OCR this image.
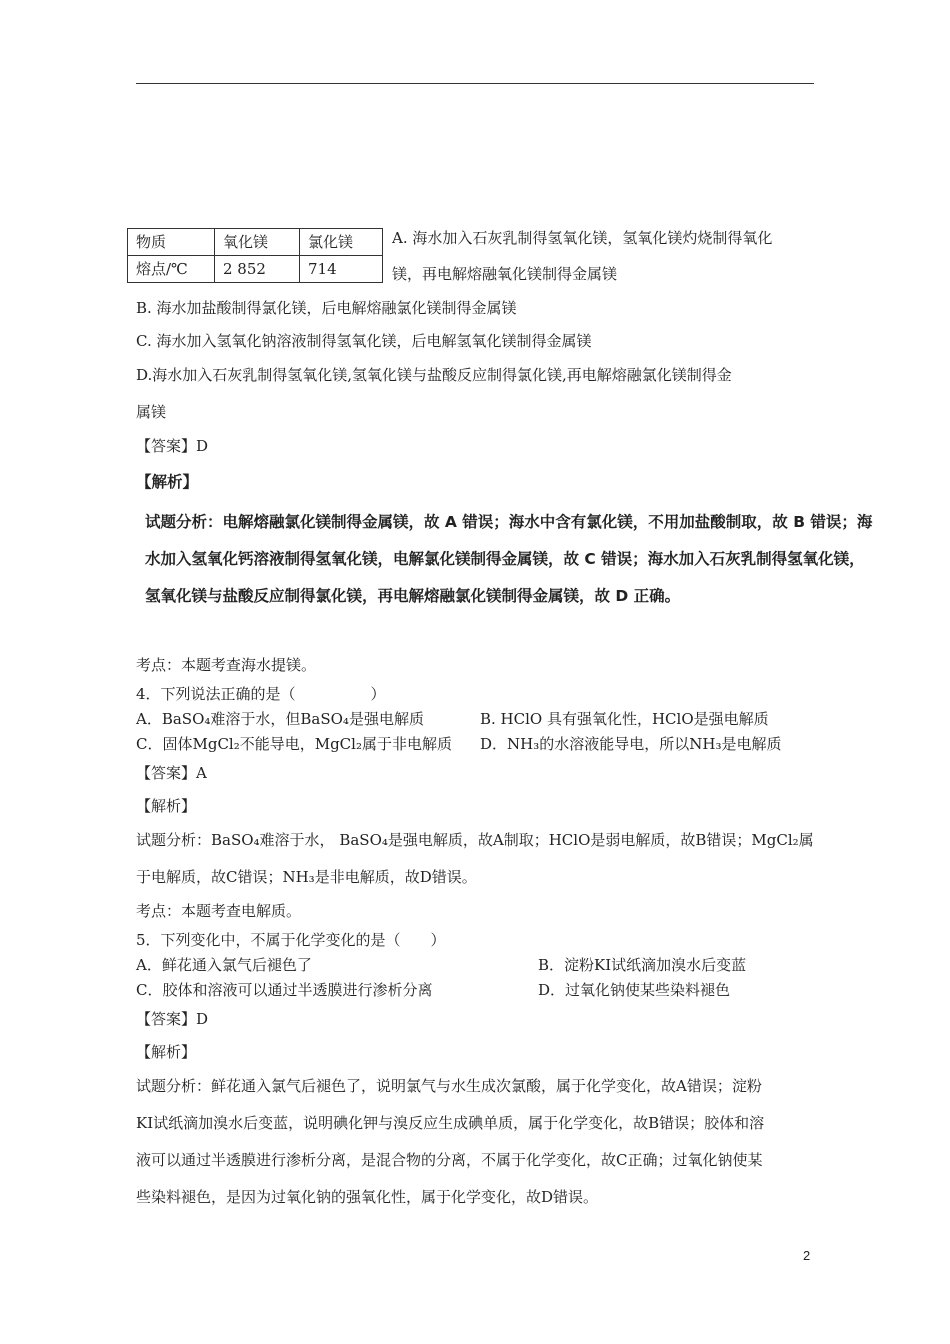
物质	氧化镁	氯化镁
熔点/℃	2 852	714
A. 海水加入石灰乳制得氢氧化镁，氢氧化镁灼烧制得氧化
镁，再电解熔融氧化镁制得金属镁
B. 海水加盐酸制得氯化镁，后电解熔融氯化镁制得金属镁
C. 海水加入氢氧化钠溶液制得氢氧化镁，后电解氢氧化镁制得金属镁
D.海水加入石灰乳制得氢氧化镁,氢氧化镁与盐酸反应制得氯化镁,再电解熔融氯化镁制得金
属镁
【答案】D
【解析】
试题分析：电解熔融氯化镁制得金属镁，故 A 错误；海水中含有氯化镁，不用加盐酸制取，故 B 错误；海
水加入氢氧化钙溶液制得氢氧化镁，电解氯化镁制得金属镁，故 C 错误；海水加入石灰乳制得氢氧化镁，
氢氧化镁与盐酸反应制得氯化镁，再电解熔融氯化镁制得金属镁，故 D 正确。
考点：本题考查海水提镁。
4．下列说法正确的是（　　　　　）
A．BaSO₄难溶于水，但BaSO₄是强电解质	B. HClO 具有强氧化性，HClO是强电解质
C．固体MgCl₂不能导电，MgCl₂属于非电解质 D．NH₃的水溶液能导电，所以NH₃是电解质
【答案】A
【解析】
试题分析：BaSO₄难溶于水， BaSO₄是强电解质，故A制取；HClO是弱电解质，故B错误；MgCl₂属
于电解质，故C错误；NH₃是非电解质，故D错误。
考点：本题考查电解质。
5．下列变化中，不属于化学变化的是（　　）
A．鲜花通入氯气后褪色了	B．淀粉KI试纸滴加溴水后变蓝
C．胶体和溶液可以通过半透膜进行渗析分离	D．过氧化钠使某些染料褪色
【答案】D
【解析】
试题分析：鲜花通入氯气后褪色了，说明氯气与水生成次氯酸，属于化学变化，故A错误；淀粉
KI试纸滴加溴水后变蓝，说明碘化钾与溴反应生成碘单质，属于化学变化，故B错误；胶体和溶
液可以通过半透膜进行渗析分离，是混合物的分离，不属于化学变化，故C正确；过氧化钠使某
些染料褪色，是因为过氧化钠的强氧化性，属于化学变化，故D错误。
2
